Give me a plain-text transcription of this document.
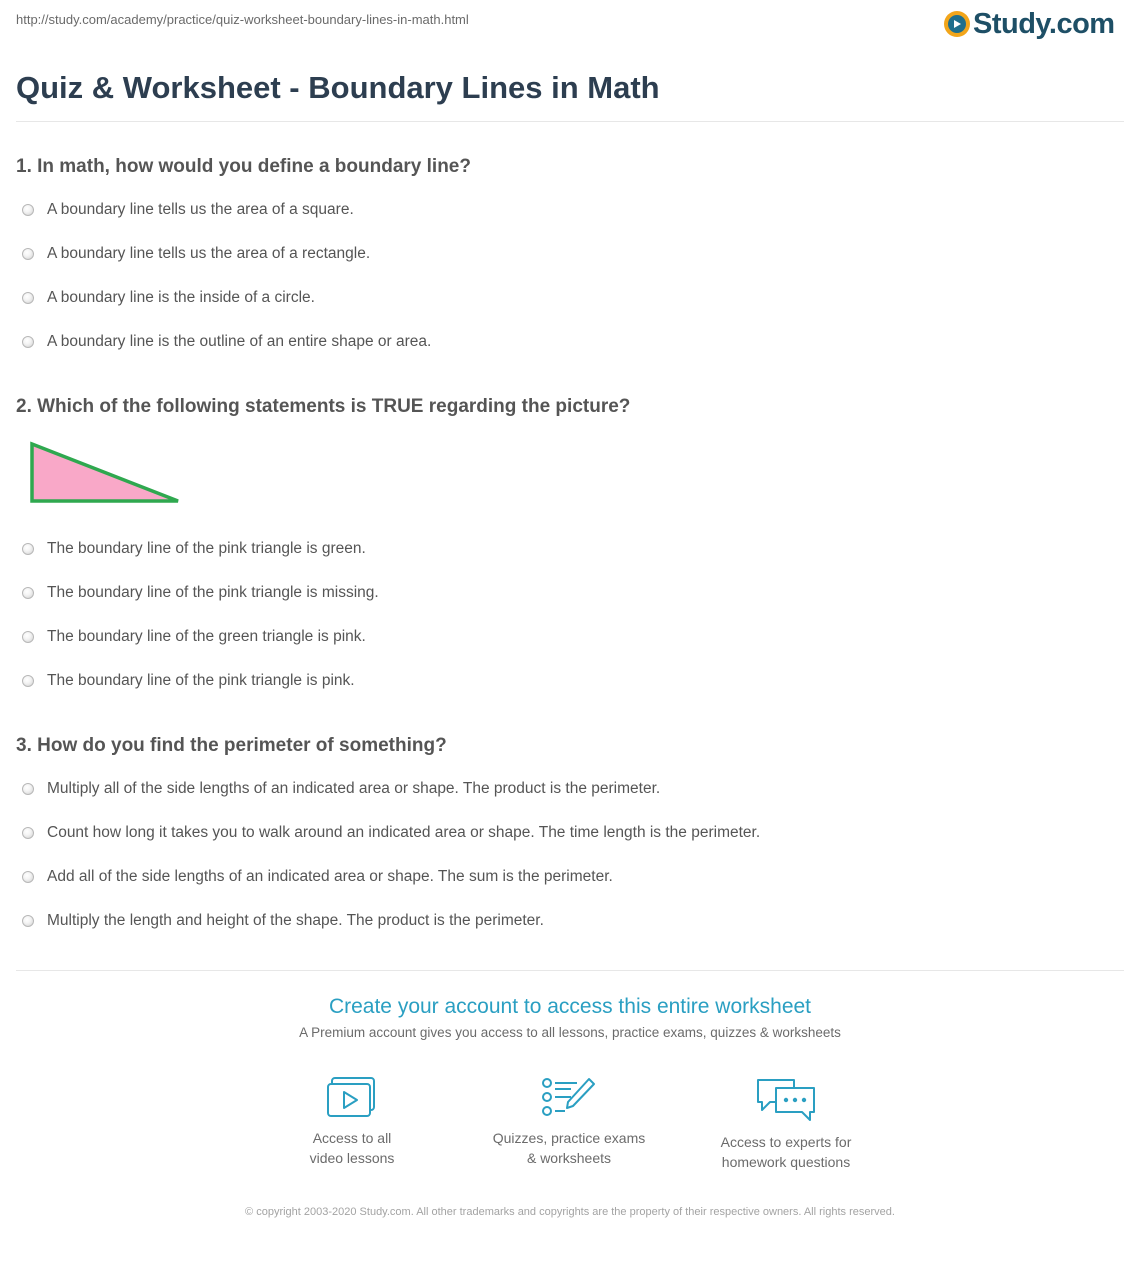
http://study.com/academy/practice/quiz-worksheet-boundary-lines-in-math.html	Study.com
Quiz & Worksheet - Boundary Lines in Math
1. In math, how would you define a boundary line?
A boundary line tells us the area of a square.
A boundary line tells us the area of a rectangle.
A boundary line is the inside of a circle.
A boundary line is the outline of an entire shape or area.
2. Which of the following statements is TRUE regarding the picture?
The boundary line of the pink triangle is green.
The boundary line of the pink triangle is missing.
The boundary line of the green triangle is pink.
The boundary line of the pink triangle is pink.
3. How do you find the perimeter of something?
Multiply all of the side lengths of an indicated area or shape. The product is the perimeter.
Count how long it takes you to walk around an indicated area or shape. The time length is the perimeter.
Add all of the side lengths of an indicated area or shape. The sum is the perimeter.
Multiply the length and height of the shape. The product is the perimeter.
Create your account to access this entire worksheet
A Premium account gives you access to all lessons, practice exams, quizzes & worksheets
Access to all
video lessons
Quizzes, practice exams
& worksheets
Access to experts for
homework questions
© copyright 2003-2020 Study.com. All other trademarks and copyrights are the property of their respective owners. All rights reserved.
